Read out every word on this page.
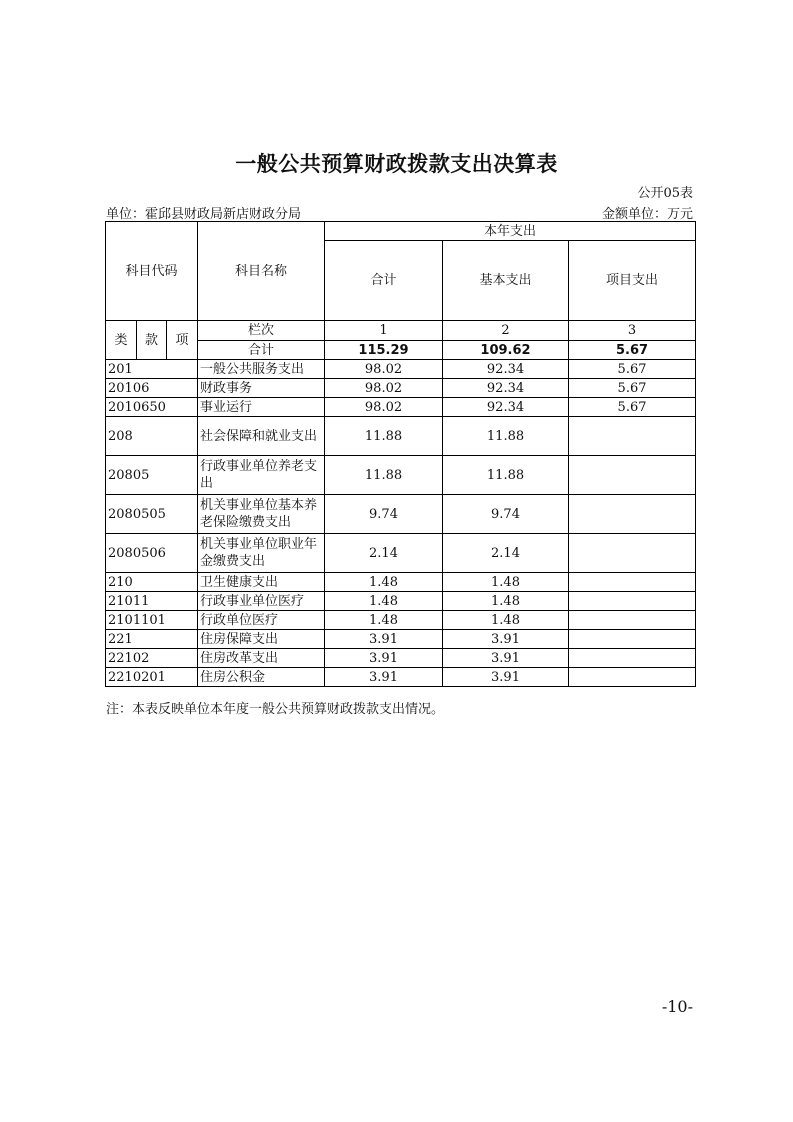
一般公共预算财政拨款支出决算表
公开05表
单位：霍邱县财政局新店财政分局	金额单位：万元
科目代码			科目名称	本年支出		
				合计	基本支出	项目支出
类	款	项	栏次	1	2	3
			合计	115.29	109.62	5.67
201			一般公共服务支出	98.02	92.34	5.67
20106			财政事务	98.02	92.34	5.67
2010650			事业运行	98.02	92.34	5.67
208			社会保障和就业支出	11.88	11.88	
20805			行政事业单位养老支出	11.88	11.88	
2080505			机关事业单位基本养老保险缴费支出	9.74	9.74	
2080506			机关事业单位职业年金缴费支出	2.14	2.14	
210			卫生健康支出	1.48	1.48	
21011			行政事业单位医疗	1.48	1.48	
2101101			行政单位医疗	1.48	1.48	
221			住房保障支出	3.91	3.91	
22102			住房改革支出	3.91	3.91	
2210201			住房公积金	3.91	3.91	
注：本表反映单位本年度一般公共预算财政拨款支出情况。
-10-
